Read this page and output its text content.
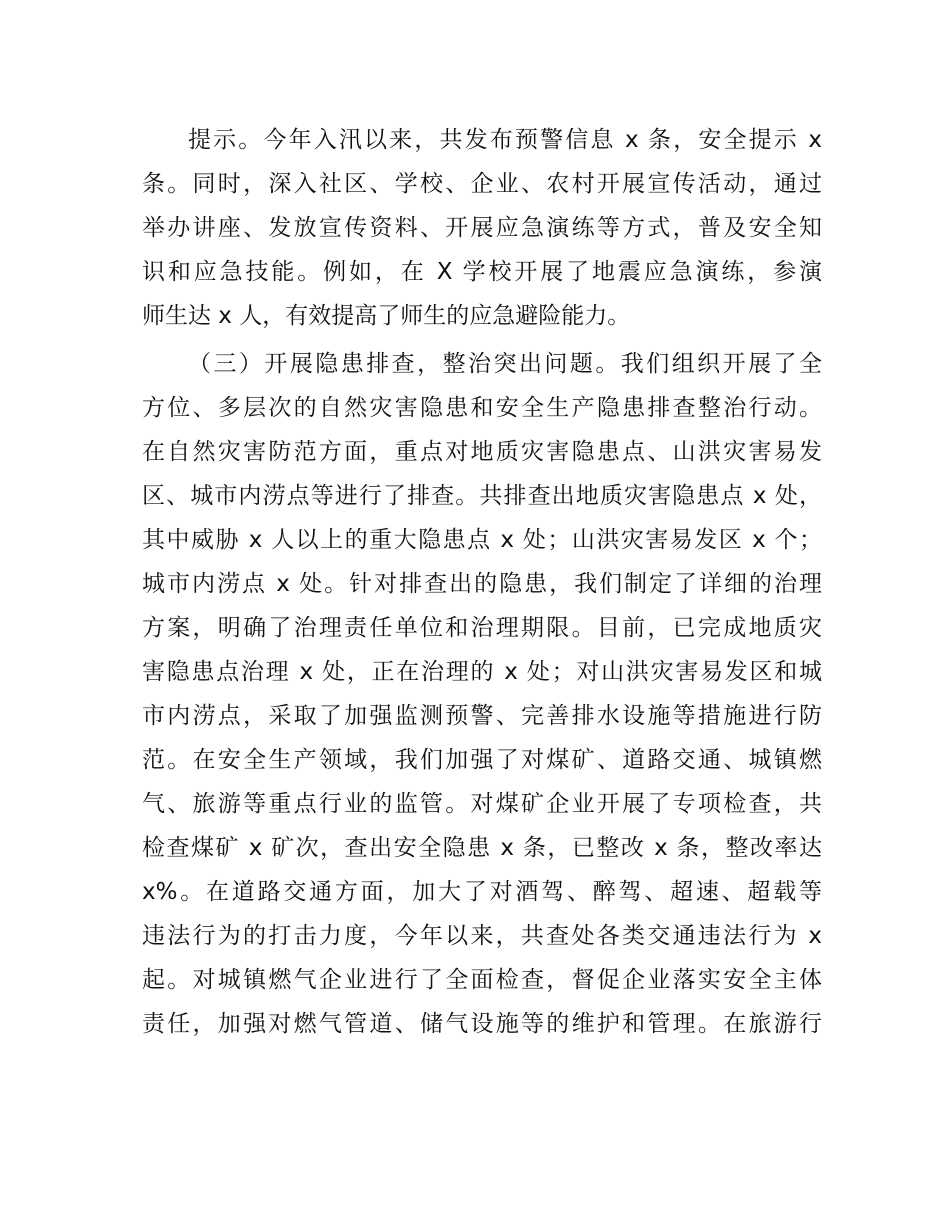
提示。今年入汛以来，共发布预警信息 x 条，安全提示 x
条。同时，深入社区、学校、企业、农村开展宣传活动，通过
举办讲座、发放宣传资料、开展应急演练等方式，普及安全知
识和应急技能。例如，在 X 学校开展了地震应急演练，参演
师生达 x 人，有效提高了师生的应急避险能力。
（三）开展隐患排查，整治突出问题。我们组织开展了全
方位、多层次的自然灾害隐患和安全生产隐患排查整治行动。
在自然灾害防范方面，重点对地质灾害隐患点、山洪灾害易发
区、城市内涝点等进行了排查。共排查出地质灾害隐患点 x 处，
其中威胁 x 人以上的重大隐患点 x 处；山洪灾害易发区 x 个；
城市内涝点 x 处。针对排查出的隐患，我们制定了详细的治理
方案，明确了治理责任单位和治理期限。目前，已完成地质灾
害隐患点治理 x 处，正在治理的 x 处；对山洪灾害易发区和城
市内涝点，采取了加强监测预警、完善排水设施等措施进行防
范。在安全生产领域，我们加强了对煤矿、道路交通、城镇燃
气、旅游等重点行业的监管。对煤矿企业开展了专项检查，共
检查煤矿 x 矿次，查出安全隐患 x 条，已整改 x 条，整改率达
x%。在道路交通方面，加大了对酒驾、醉驾、超速、超载等
违法行为的打击力度，今年以来，共查处各类交通违法行为 x
起。对城镇燃气企业进行了全面检查，督促企业落实安全主体
责任，加强对燃气管道、储气设施等的维护和管理。在旅游行
